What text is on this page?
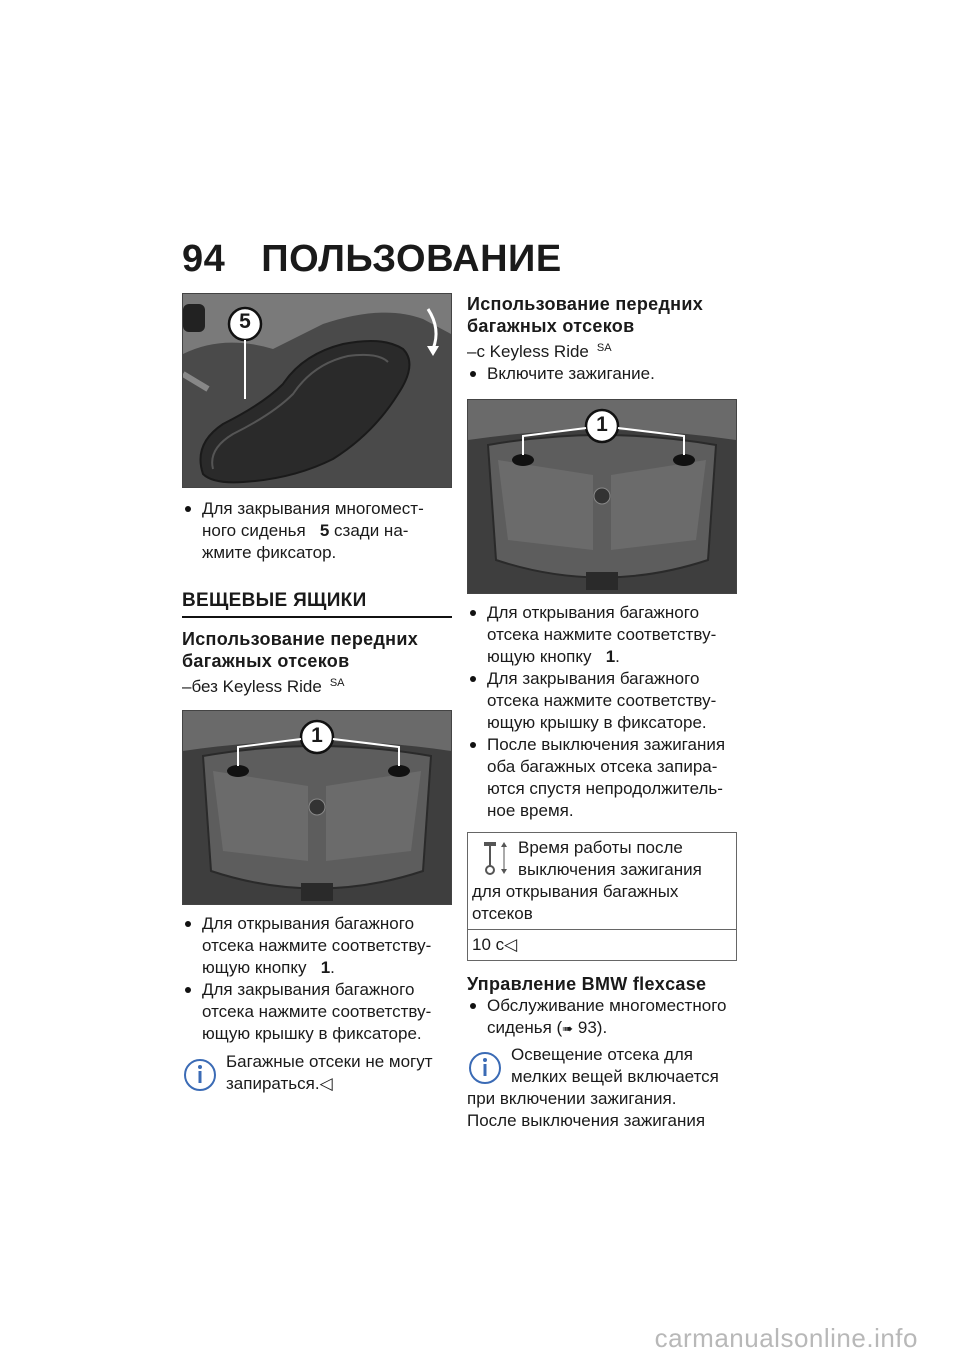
94 ПОЛЬЗОВАНИЕ
5
Для закрывания многомест-
ного сиденья 5 сзади на-
жмите фиксатор.
ВЕЩЕВЫЕ ЯЩИКИ

Использование передних
багажных отсеков

–без Keyless Ride $^{SA}$

1
Для открывания багажного
отсека нажмите соответству-
ющую кнопку 1.
Для закрывания багажного
отсека нажмите соответству-
ющую крышку в фиксаторе.
Багажные отсеки не могут
запираться.◁

Использование передних
багажных отсеков

–с Keyless Ride $^{SA}$

Включите зажигание.
1
Для открывания багажного
отсека нажмите соответству-
ющую кнопку 1.
Для закрывания багажного
отсека нажмите соответству-
ющую крышку в фиксаторе.
После выключения зажигания
оба багажных отсека запира-
ются спустя непродолжитель-
ное время.
Время работы после
выключения зажигания
для открывания багажных
отсеков
10 с◁

Управление BMW flexcase

Обслуживание многоместного
сиденья (➠ 93).
Освещение отсека для
мелких вещей включается
при включении зажигания.
После выключения зажигания
carmanualsonline.info
